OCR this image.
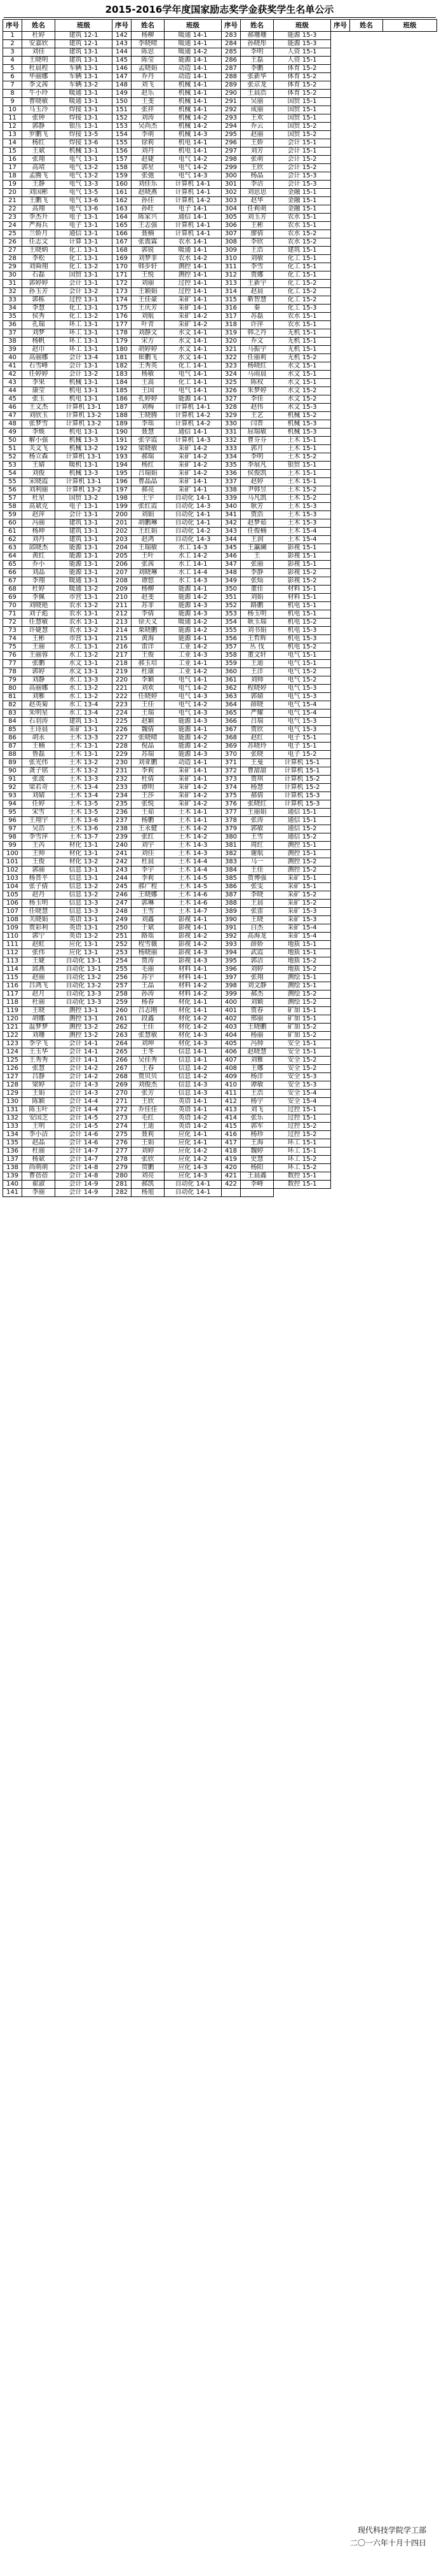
2015-2016学年度国家励志奖学金获奖学生名单公示
序号	姓名	班级	序号	姓名	班级	序号	姓名	班级	序号	姓名	班级
1	杜婷	建筑 12-1	142	杨柳	暖通 14-1	283	郝珊珊	能源 15-3			
2	安嘉欣	建筑 12-1	143	李晓晴	暖通 14-1	284	孙晓彤	能源 15-3			
3	刘佳	建筑 13-1	144	陈思	暖通 14-2	285	李明	人资 15-1			
4	王晓明	建筑 13-1	145	陈莹	能源 14-1	286	王磊	人资 15-1			
5	杜晨程	车辆 13-1	146	孟晓娟	动造 14-1	287	李鹏	体育 15-2			
6	毕丽娜	车辆 13-1	147	乔丹	动造 14-1	288	张新华	体育 15-2			
7	李文茜	车辆 13-2	148	刘飞	机械 14-1	289	张京龙	体育 15-2			
8	牛小玲	暖通 13-1	149	赵乐	机械 14-1	290	王晨浩	体育 15-2			
9	曹晓敏	暖通 13-1	150	王斐	机械 14-1	291	吴丽	国贸 15-1			
10	马玉冷	焊接 13-1	151	张祥	机械 14-1	292	成丽	国贸 15-1			
11	张钟	焊接 13-1	152	刘涛	机械 14-2	293	王欢	国贸 15-1			
12	郭静	银压 13-1	153	吴尚杰	机械 14-2	294	乔云	国贸 15-2			
13	罗鹏飞	焊接 13-5	154	李萌	机械 14-3	295	赵丽	国贸 15-2			
14	杨红	焊接 13-6	155	徐莉	机电 14-1	296	王娇	会计 15-1			
15	王斌	机械 13-1	156	刘丹	机电 14-1	297	刘芳	会计 15-1			
16	张翔	电气 13-1	157	赵婕	电气 14-2	298	张萌	会计 15-2			
17	高靖	电气 13-2	158	郭星	电气 14-2	299	王欣	会计 15-2			
18	孟腾飞	电气 13-2	159	张弛	电气 14-3	300	杨晶	会计 15-3			
19	王静	电气 13-3	160	刘佳乐	计算机 14-1	301	李洁	会计 15-3			
20	刘国彬	电气 13-5	161	赵晓燕	计算机 14-1	302	刘思思	金融 15-1			
21	王鹏飞	电气 13-6	162	孙佳	计算机 14-2	303	赵华	金融 15-1			
22	高翔	电气 13-6	163	孙旺	电子 14-1	304	任莉萌	金融 15-1			
23	李杰升	电子 13-1	164	陈家兴	通信 14-1	305	刘玉芳	农水 15-1			
24	严海兵	电子 13-1	165	王志强	计算机 14-1	306	王彬	农水 15-1			
25	兰娇月	通信 13-1	166	聂楠	计算机 14-1	307	廖倩	农水 15-2			
26	任志文	计算 13-1	167	张震霖	农水 14-1	308	李欣	农水 15-2			
27	王晓炳	化工 13-1	168	郭锐	暖通 14-1	309	王浩	建筑 15-1			
28	李松	化工 13-1	169	刘梦菲	农水 14-2	310	刘敏	化工 15-1			
29	刘舜翔	化工 13-2	170	韩步轩	测控 14-1	311	李雪	化工 15-1			
30	石磊	国贸 13-1	171	王悦	测控 14-1	312	贾娜	化工 15-1			
31	郭婷婷	会计 13-1	172	刘丽	过控 14-1	313	王新宇	化工 15-2			
32	孙玉芳	会计 13-2	173	王颖娟	过控 14-1	314	赵晨	化工 15-2			
33	郭栋	过控 13-1	174	王佳豪	采矿 14-1	315	靳智慧	化工 15-2			
34	李慧	化工 13-1	175	王庆芳	采矿 14-1	316	秦	化工 15-3			
35	侯秀	化工 13-2	176	刘航	采矿 14-2	317	苏磊	农水 15-1			
36	孔瑞	环工 13-1	177	叶青	采矿 14-2	318	许萍	农水 15-1			
37	刘梦	环工 13-1	178	刘静文	水文 14-1	319	韩之丹	无机 15-1			
38	杨帆	环工 13-1	179	宋方	水文 14-1	320	乔文	无机 15-1			
39	赵巾	环工 13-1	180	胡婷婷	水文 14-1	321	马振宇	无机 15-1			
40	高丽娜	会计 13-4	181	崔鹏飞	水文 14-1	322	任丽莉	无机 15-2			
41	石雪峰	会计 13-1	182	王秀英	化工 14-1	323	杨晓红	水文 15-1			
42	任婷婷	会计 13-2	183	杨敏	电气 14-1	324	马雨晨	水文 15-1			
43	李果	机械 13-1	184	王嵩	化工 14-1	325	陈权	水文 15-1			
44	康莹	机电 13-1	185	王国	电气 14-1	326	朱梦婷	水文 15-2			
45	张玉	机电 13-1	186	孔婷婷	能源 14-1	327	李佳	水文 15-2			
46	王文杰	计算机 13-1	187	刘梅	计算机 14-1	328	赵伟	水文 15-3			
47	刘欣玉	计算机 13-2	188	王晓腾	计算机 14-2	329	王艺	机械 15-2			
48	张梦雪	计算机 13-2	189	李瑶	计算机 14-2	330	闫晋	机械 15-3			
49	李焕	机电 13-1	190	聂慧	通信 14-1	331	屈瑞敏	机械 15-3			
50	解小强	机械 13-3	191	张学霞	计算机 14-3	332	曹芬芬	土木 15-1			
51	关文飞	机械 13-2	192	梁晓敏	采矿 14-2	333	郭月	土木 15-1			
52	杨立森	计算机 13-1	193	郝瑞	采矿 14-2	334	李明	土木 15-2			
53	王婧	暖机 13-1	194	杨红	采矿 14-2	335	李展凡	银贸 15-1			
54	刘俊	机械 13-3	195	吕瑞娟	采矿 14-2	336	侯俊凯	土木 15-1			
55	宋晓霞	计算机 13-1	196	曹晶晶	采矿 14-1	337	赵婷	土木 15-1			
56	刘利丽	计算机 13-2	197	郝亮	采矿 14-1	338	尹韩昱	土木 15-2			
57	杜星	国贸 13-2	198	王宇	自动化 14-1	339	马凡凯	土木 15-2			
58	高斌克	电子 13-1	199	张红霞	自动化 14-3	340	耿芳	土木 15-3			
59	赵萍	会计 13-1	200	刘娟	自动化 14-1	341	贾浩	土木 15-3			
60	冯丽	建筑 13-1	201	胡鹏琳	自动化 14-1	342	赵梦茹	土木 15-3			
61	杨坤	建筑 13-1	202	王红娟	自动化 14-2	343	任俊楠	土木 15-4			
62	刘丹	建筑 13-1	203	赵鸿	自动化 14-3	344	王润	土木 15-4			
63	邱晓杰	能源 13-1	204	王瑞敏	水工 14-3	345	王瀛澜	影视 15-1			
64	黄红	能源 13-1	205	王叶	水工 14-2	346	王	影视 15-1			
65	乔小	能源 13-1	206	张茜	水工 14-1	347	张丽	影视 15-1			
66	刘晶	能源 13-1	207	刘晓琳	水工 14-4	348	李静	影视 15-2			
67	李翔	暖通 13-1	208	谭悠	水工 14-3	349	张灿	影视 15-2			
68	杜婷	暖通 13-2	209	杨柳	能源 14-1	350	董佳	材料 15-1			
69	李佩	市营 13-1	210	赵斐	能源 14-2	351	刘娟	材料 15-1			
70	刘晓艳	农水 13-2	211	苏菲	能源 14-3	352	路鹏	机电 15-1			
71	刘子彪	农水 13-1	212	李倩	能源 14-3	353	杨玉明	机电 15-1			
72	任慧敏	农水 13-1	213	徐天义	暖通 14-2	354	耿玉瑞	机电 15-2			
73	许婕慧	农水 13-2	214	栗晓鹏	能源 14-2	355	刘书娟	机电 15-3			
74	王彬	市营 13-1	215	黄海	能源 14-1	356	王哲辉	机电 15-3			
75	王丽	水工 13-1	216	雷洋	工业 14-2	357	丛 伐	机电 15-2			
76	王丽蓉	水工 13-2	217	王俊	工业 14-3	358	董文轩	电气 15-1			
77	张鹏	水文 13-1	218	郝玉培	工业 14-1	359	王迪	电气 15-1			
78	郭婷	水文 13-1	219	杜康	工业 14-2	360	王洋	电气 15-2			
79	刘静	水工 13-3	220	李颖	电气 14-1	361	刘帅	电气 15-2			
80	高丽娜	水工 13-2	221	刘欢	电气 14-2	362	程晓婷	电气 15-3			
81	刘雅	水工 13-2	222	任晓婷	电气 14-3	363	郭婧	电气 15-3			
82	赵英菊	水工 13-4	223	王佳	电气 14-2	364	薛晓	电气 15-4			
83	朱明星	水工 13-4	224	王瑞	电气 14-3	365	严耀	电气 15-4			
84	石羽涛	建筑 13-1	225	赵颖	能源 14-3	366	吕瑞	电气 15-3			
85	王诗晨	采矿 13-1	226	魏倩	能源 14-1	367	贾欣	电气 15-3			
86	胡永	土木 13-3	227	张晓晴	能源 14-2	368	赵红	电子 15-1			
87	王楠	土木 13-1	228	倪晶	能源 14-2	369	苏晓玲	电子 15-1			
88	鲁磊	土木 13-1	229	苏瑞	能源 14-3	370	张晓	电子 15-2			
89	张光伟	土木 13-2	230	刘亚鹏	动造 14-1	371	王曼	计算机 15-1			
90	龚子铭	土木 13-2	231	李莉	采矿 14-1	372	曹甜甜	计算机 15-1			
91	张波	土木 13-3	232	杜倩	采矿 14-1	373	贾琪	计算机 15-2			
92	梁若奇	土木 13-4	233	谭明	采矿 14-2	374	杨慧	计算机 15-2			
93	刘婧	土木 13-4	234	王莎	采矿 14-2	375	郝倩	计算机 15-3			
94	任婷	土木 13-5	235	张悦	采矿 14-2	376	张晓红	计算机 15-3			
95	宋雪	土木 13-5	236	王茹	土木 14-1	377	王丽娟	通信 15-1			
96	王翔宇	土木 13-6	237	杨鹏	土木 14-1	378	张涛	通信 15-1			
97	吴浩	土木 13-6	238	王永健	土木 14-2	379	郭敏	通信 15-2			
98	李雪萍	土木 13-7	239	张红	土木 14-2	380	王雪	通信 15-2			
99	王芮	材化 13-1	240	刘宇	土木 14-3	381	周红	测控 15-1			
100	王帅	材化 13-1	241	刘佳	土木 14-3	382	谢航	测控 15-1			
101	王俊	材化 13-2	242	杜晨	土木 14-4	383	马一	测控 15-2			
102	郭丽	信息 13-1	243	李宇	土木 14-4	384	王佳	测控 15-2			
103	杨晋平	信息 13-1	244	李莉	土木 14-5	385	贾博强	采矿 15-1			
104	张子倩	信息 13-2	245	郝广程	土木 14-5	386	张雯	采矿 15-1			
105	赵丹	信息 13-2	246	王晓娜	土木 14-6	387	李晓	采矿 15-2			
106	杨玉明	信息 13-3	247	郭琳	土木 14-6	388	王晨	采矿 15-2			
107	任晓慧	信息 13-3	248	王雪	土木 14-7	389	张雷	采矿 15-3			
108	关晓娟	英语 13-1	249	刘鑫	影视 14-1	390	王晓	采矿 15-3			
109	贾彩利	英语 13-1	250	于斌	影视 14-1	391	白杰	采矿 15-4			
110	郭宁	英语 13-2	251	路瑶	影视 14-2	392	高海龙	采矿 15-4			
111	赵虹	应化 13-1	252	程雪薇	影视 14-2	393	薛娇	地质 15-1			
112	张伟	应化 13-1	253	杨晓丽	影视 14-3	394	武霞	地质 15-1			
113	王婕	自动化 13-1	254	贾涛	影视 14-3	395	郭洁	地质 15-2			
114	邱燕	自动化 13-1	255	毛丽	材料 14-1	396	刘婷	地质 15-2			
115	赵丽	自动化 13-2	256	苏宇	材料 14-1	397	张翔	测绘 15-1			
116	吕鸿飞	自动化 13-2	257	王晶	材料 14-2	398	刘文静	测绘 15-1			
117	赵月	自动化 13-3	258	孙涛	材料 14-2	399	郝杰	测绘 15-2			
118	杜丽	自动化 13-3	259	杨春	材化 14-1	400	刘颖	测绘 15-2			
119	王晓	测控 13-1	260	吕志刚	材化 14-1	401	贾春	矿加 15-1			
120	胡娜	测控 13-1	261	段鑫	材化 14-2	402	邢丽	矿加 15-1			
121	温梦梦	测控 13-2	262	王佳	材化 14-2	403	王晓鹏	矿加 15-2			
122	刘珊	测控 13-2	263	张慧敏	材化 14-3	404	杨丽	矿加 15-2			
123	李学飞	会计 14-1	264	刘坤	材化 14-3	405	冯帅	安全 15-1			
124	王玉华	会计 14-1	265	王冬	信息 14-1	406	赵晓慧	安全 15-1			
125	王秀秀	会计 14-1	266	吴佳秀	信息 14-1	407	刘雅	安全 15-2			
126	张慧	会计 14-2	267	王春	信息 14-2	408	王娜	安全 15-2			
127	吕静	会计 14-2	268	贾贝贝	信息 14-2	409	杨洋	安全 15-3			
128	梁婷	会计 14-3	269	刘俊杰	信息 14-3	410	谭敏	安全 15-3			
129	王娟	会计 14-3	270	张芳	信息 14-3	411	王浩	安全 15-4			
130	陈颖	会计 14-4	271	王欣	英语 14-1	412	杨宇	安全 15-4			
131	陈玉叶	会计 14-4	272	乔佳佳	英语 14-1	413	刘飞	过控 15-1			
132	安国芝	会计 14-5	273	毛红	英语 14-2	414	张乐	过控 15-1			
133	王明	会计 14-5	274	王迪	英语 14-2	415	郭军	过控 15-2			
134	李小洁	会计 14-6	275	聂莉	应化 14-1	416	杨珍	过控 15-2			
135	赵晶	会计 14-6	276	王娟	应化 14-1	417	王海	环工 15-1			
136	杜丽	会计 14-7	277	刘婷	应化 14-2	418	魏婷	环工 15-1			
137	杨斌	会计 14-7	278	张欣	应化 14-2	419	史慧	环工 15-2			
138	尚萌萌	会计 14-8	279	贺鹏	应化 14-3	420	杨阳	环工 15-2			
139	曹蓓蓓	会计 14-8	280	刘亮	应化 14-3	421	王晨鑫	数控 15-1			
140	翟淑	会计 14-9	281	郝凯	自动化 14-1	422	李峰	数控 15-1			
141	李丽	会计 14-9	282	杨旭	自动化 14-1						
现代科技学院学工部
二〇一六年十月十四日
